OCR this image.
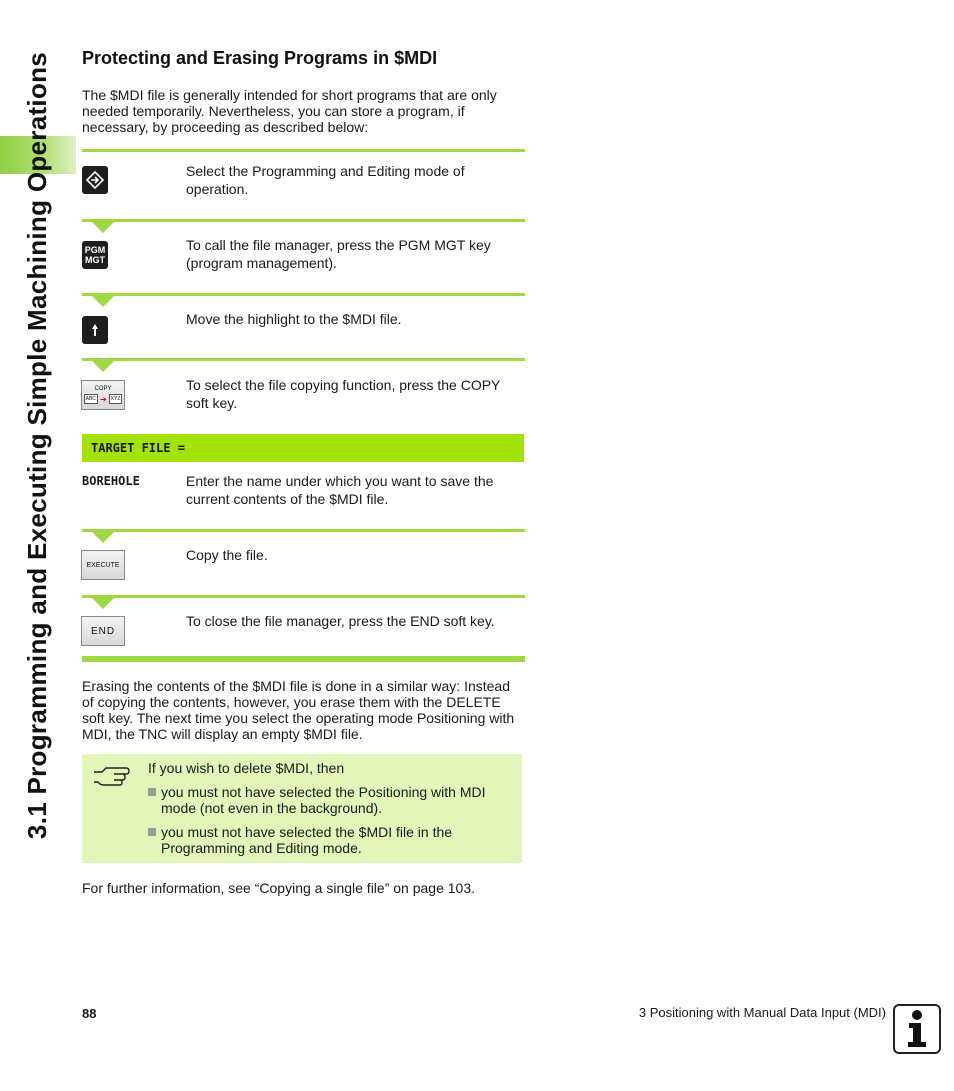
3.1 Programming and Executing Simple Machining Operations Protecting and Erasing Programs in $MDI

The $MDI file is generally intended for short programs that are only needed temporarily. Nevertheless, you can store a program, if necessary, by proceeding as described below:

Select the Programming and Editing mode of operation.
PGM
MGT
To call the file manager, press the PGM MGT key (program management).
Move the highlight to the $MDI file.
COPY
ABC ➔ XYZ
To select the file copying function, press the COPY soft key.
TARGET FILE =
BOREHOLE	Enter the name under which you want to save the current contents of the $MDI file.
EXECUTE
Copy the file.
END
To close the file manager, press the END soft key.

Erasing the contents of the $MDI file is done in a similar way: Instead of copying the contents, however, you erase them with the DELETE soft key. The next time you select the operating mode Positioning with MDI, the TNC will display an empty $MDI file.

If you wish to delete $MDI, then
you must not have selected the Positioning with MDI mode (not even in the background).
you must not have selected the $MDI file in the Programming and Editing mode.
For further information, see “Copying a single file” on page 103.
88	3 Positioning with Manual Data Input (MDI)
